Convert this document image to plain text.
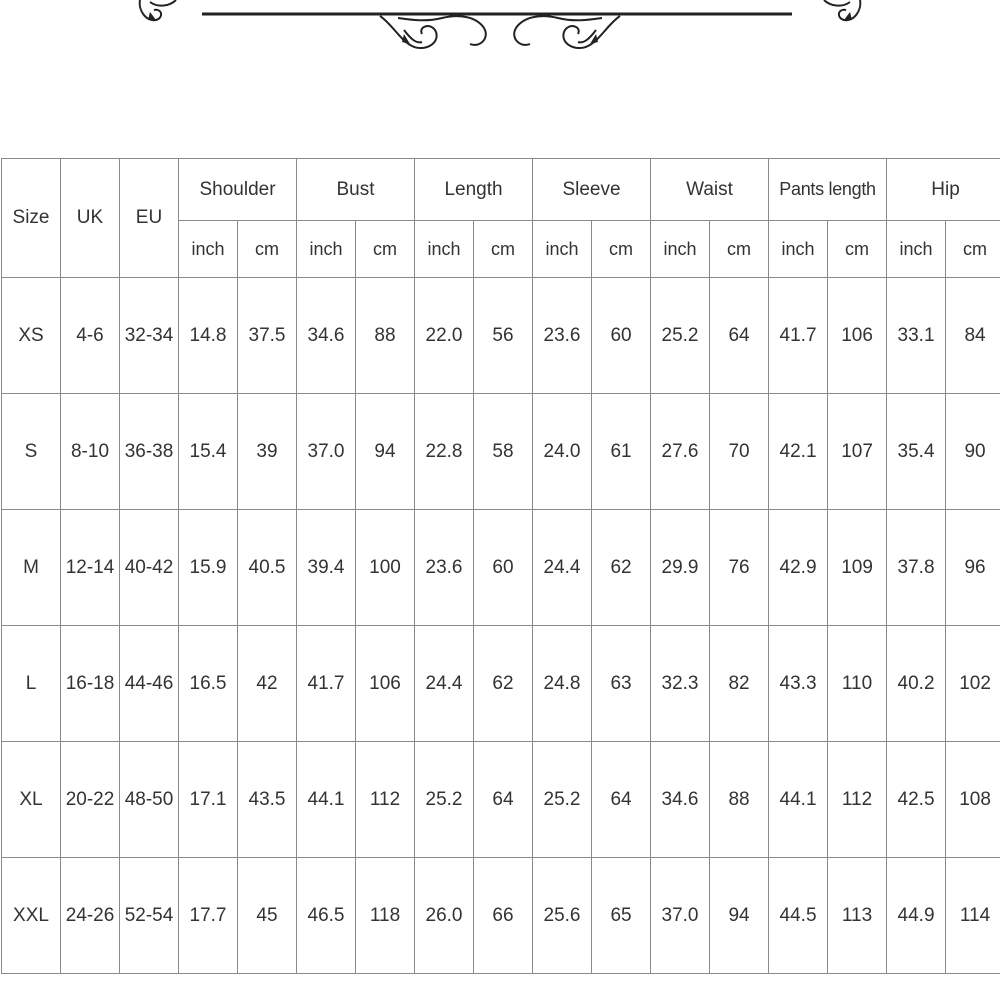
Size	UK	EU	Shoulder		Bust		Length		Sleeve		Waist		Pants length		Hip	
			inch	cm	inch	cm	inch	cm	inch	cm	inch	cm	inch	cm	inch	cm
XS	4-6	32-34	14.8	37.5	34.6	88	22.0	56	23.6	60	25.2	64	41.7	106	33.1	84
S	8-10	36-38	15.4	39	37.0	94	22.8	58	24.0	61	27.6	70	42.1	107	35.4	90
M	12-14	40-42	15.9	40.5	39.4	100	23.6	60	24.4	62	29.9	76	42.9	109	37.8	96
L	16-18	44-46	16.5	42	41.7	106	24.4	62	24.8	63	32.3	82	43.3	110	40.2	102
XL	20-22	48-50	17.1	43.5	44.1	112	25.2	64	25.2	64	34.6	88	44.1	112	42.5	108
XXL	24-26	52-54	17.7	45	46.5	118	26.0	66	25.6	65	37.0	94	44.5	113	44.9	114
